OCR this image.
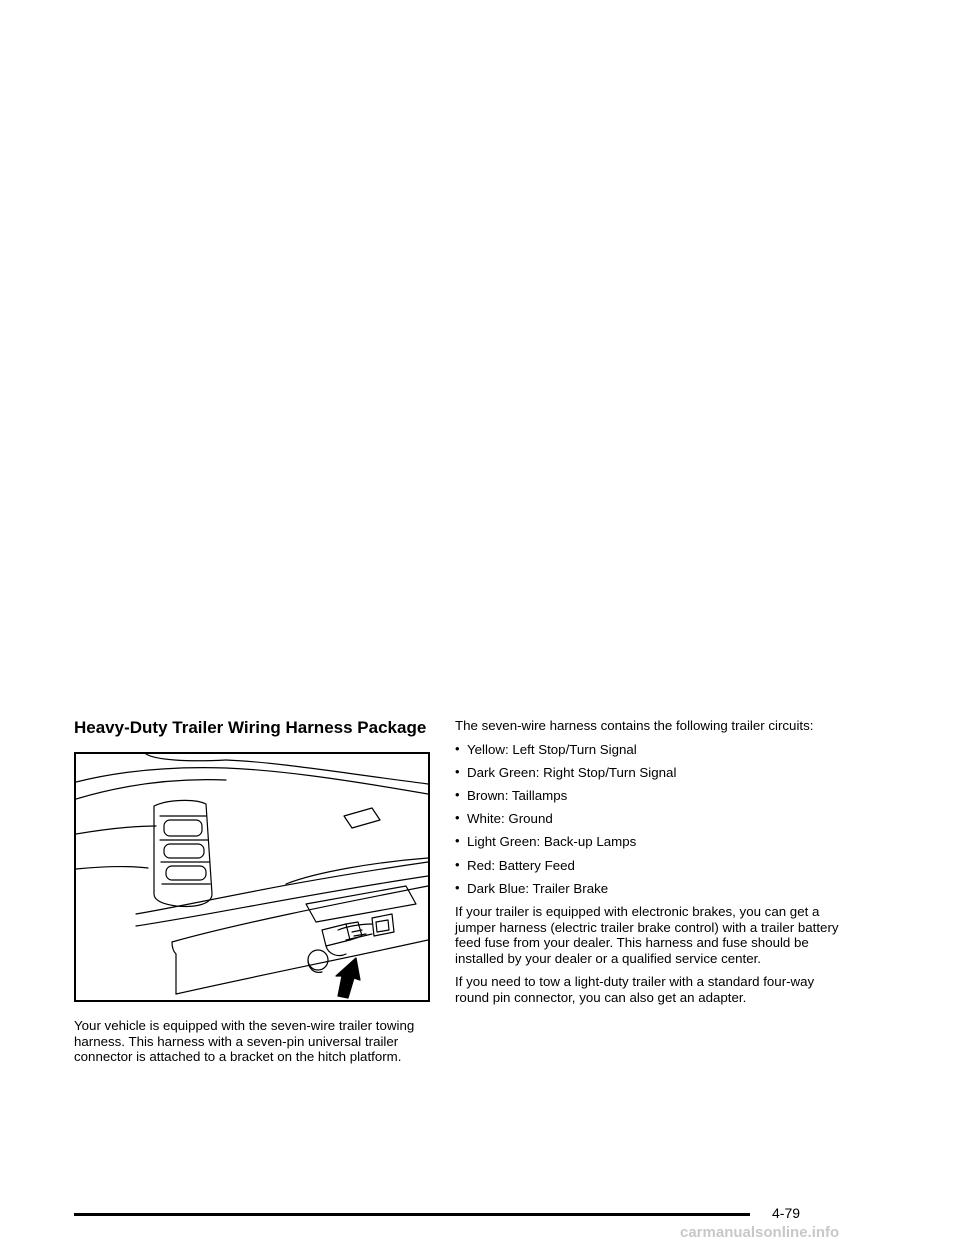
Heavy-Duty Trailer Wiring Harness Package

Your vehicle is equipped with the seven-wire trailer towing harness. This harness with a seven-pin universal trailer connector is attached to a bracket on the hitch platform.

The seven-wire harness contains the following trailer circuits:

• Yellow: Left Stop/Turn Signal
• Dark Green: Right Stop/Turn Signal
• Brown: Taillamps
• White: Ground
• Light Green: Back-up Lamps
• Red: Battery Feed
• Dark Blue: Trailer Brake

If your trailer is equipped with electronic brakes, you can get a jumper harness (electric trailer brake control) with a trailer battery feed fuse from your dealer. This harness and fuse should be installed by your dealer or a qualified service center.

If you need to tow a light-duty trailer with a standard four-way round pin connector, you can also get an adapter.

4-79
carmanualsonline.info
